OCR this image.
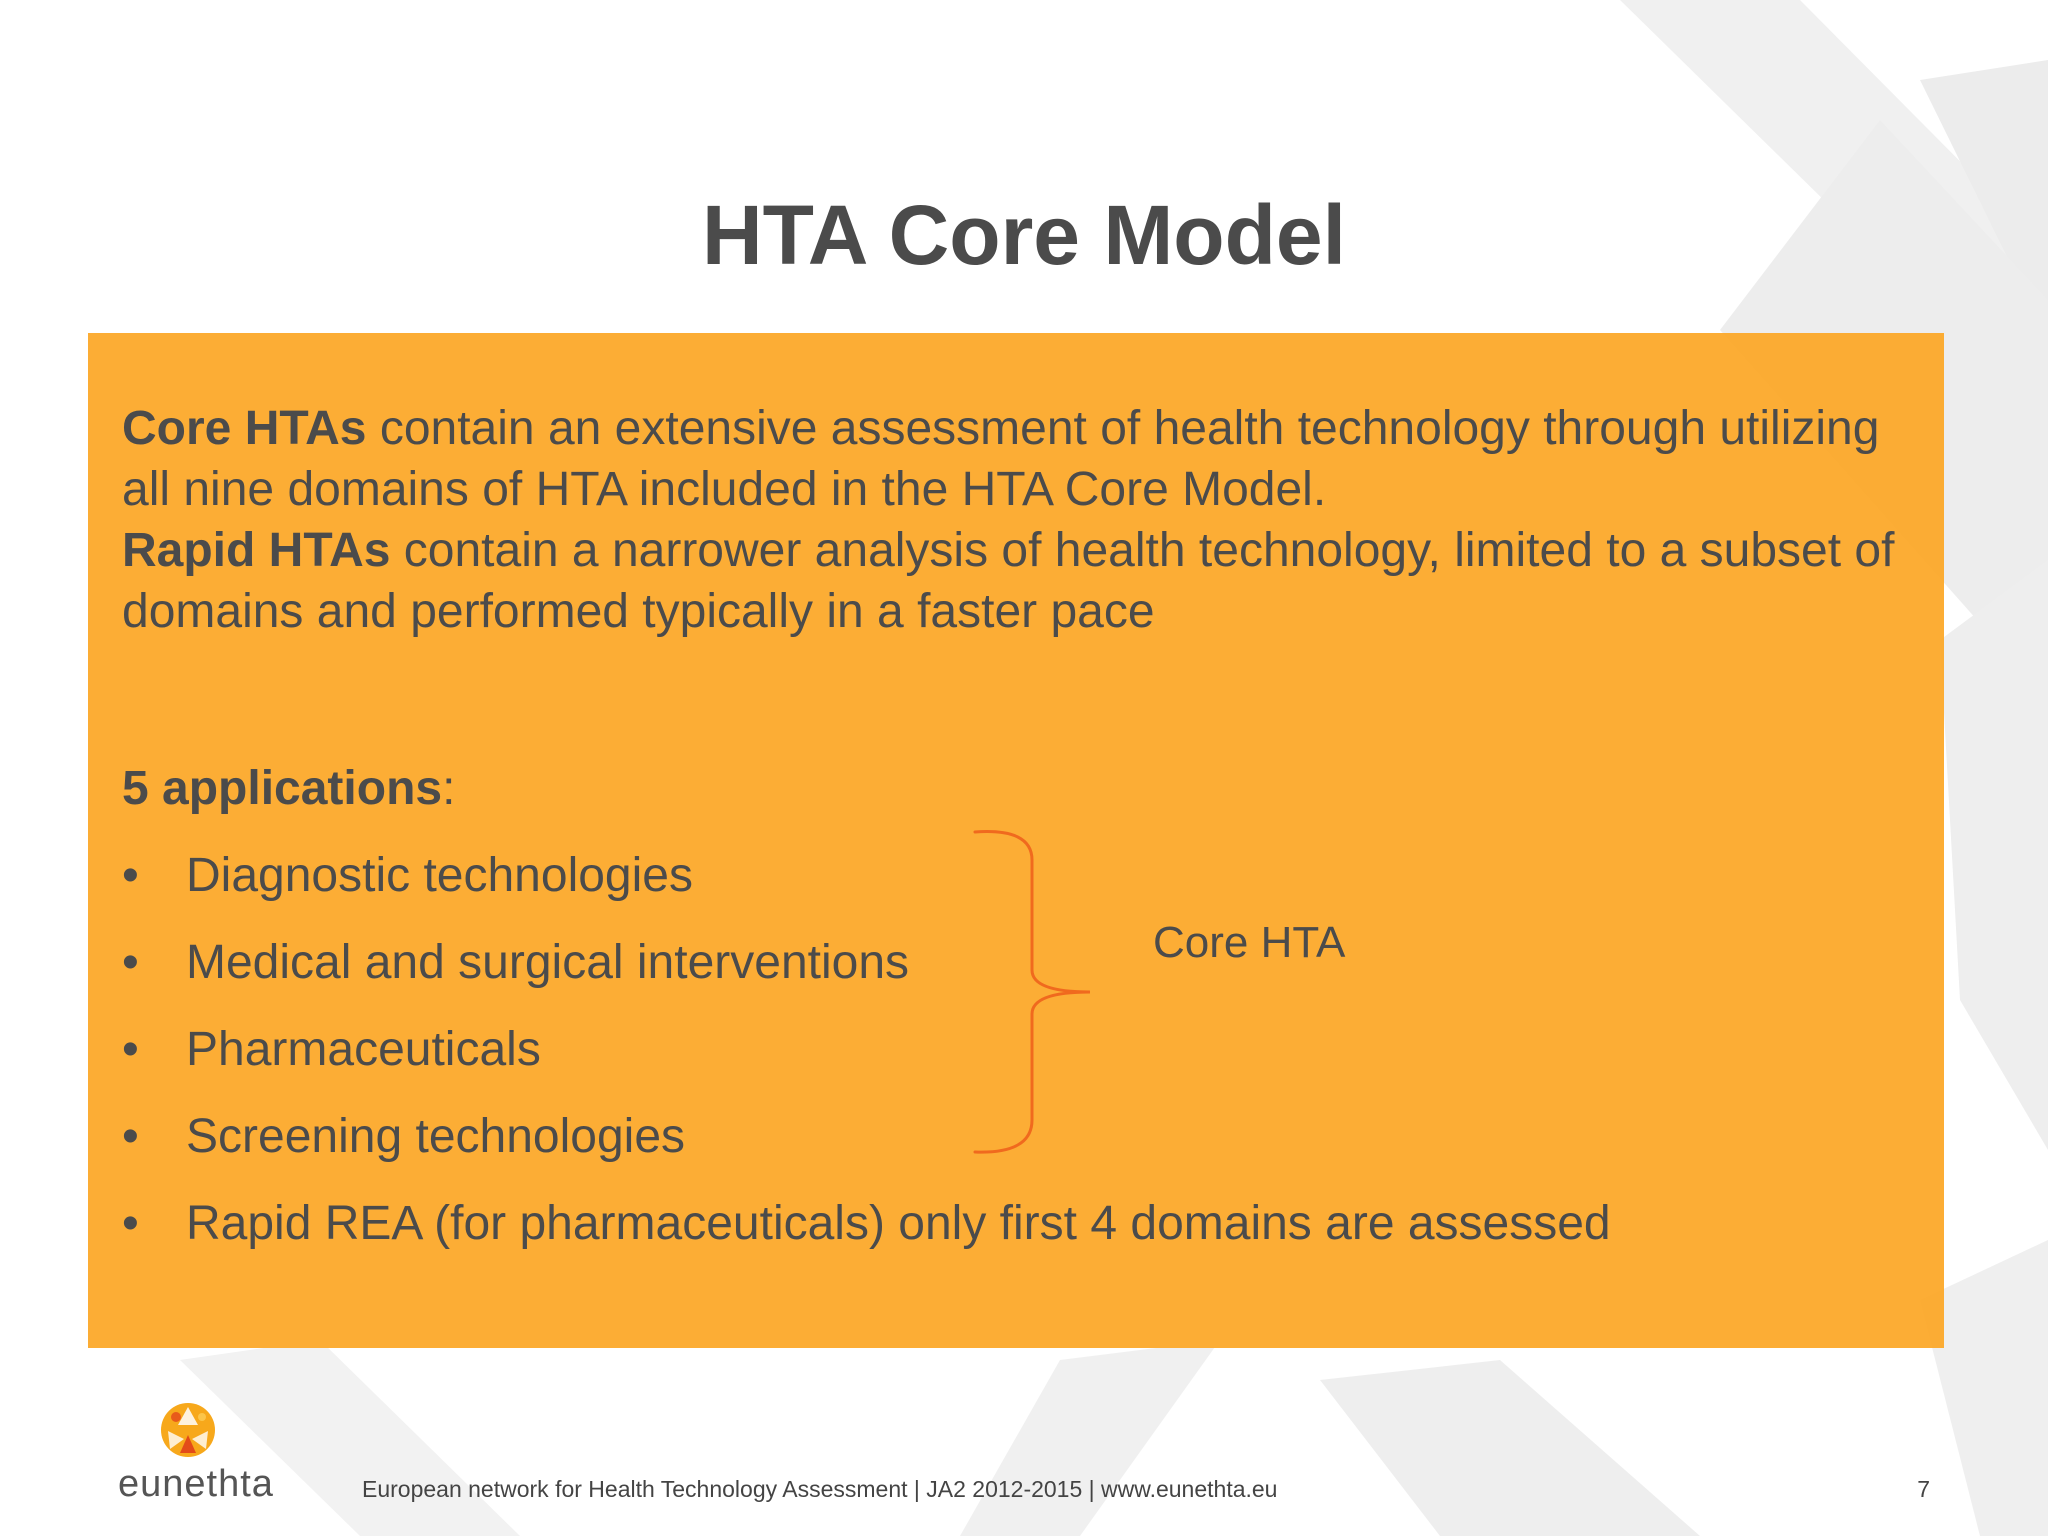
HTA Core Model
Core HTAs contain an extensive assessment of health technology through utilizing all nine domains of HTA included in the HTA Core Model.
Rapid HTAs contain a narrower analysis of health technology, limited to a subset of domains and performed typically in a faster pace
5 applications:
• Diagnostic technologies
• Medical and surgical interventions
• Pharmaceuticals
• Screening technologies
• Rapid REA (for pharmaceuticals) only first 4 domains are assessed
Core HTA
eunethta	European network for Health Technology Assessment | JA2 2012-2015 | www.eunethta.eu	7
